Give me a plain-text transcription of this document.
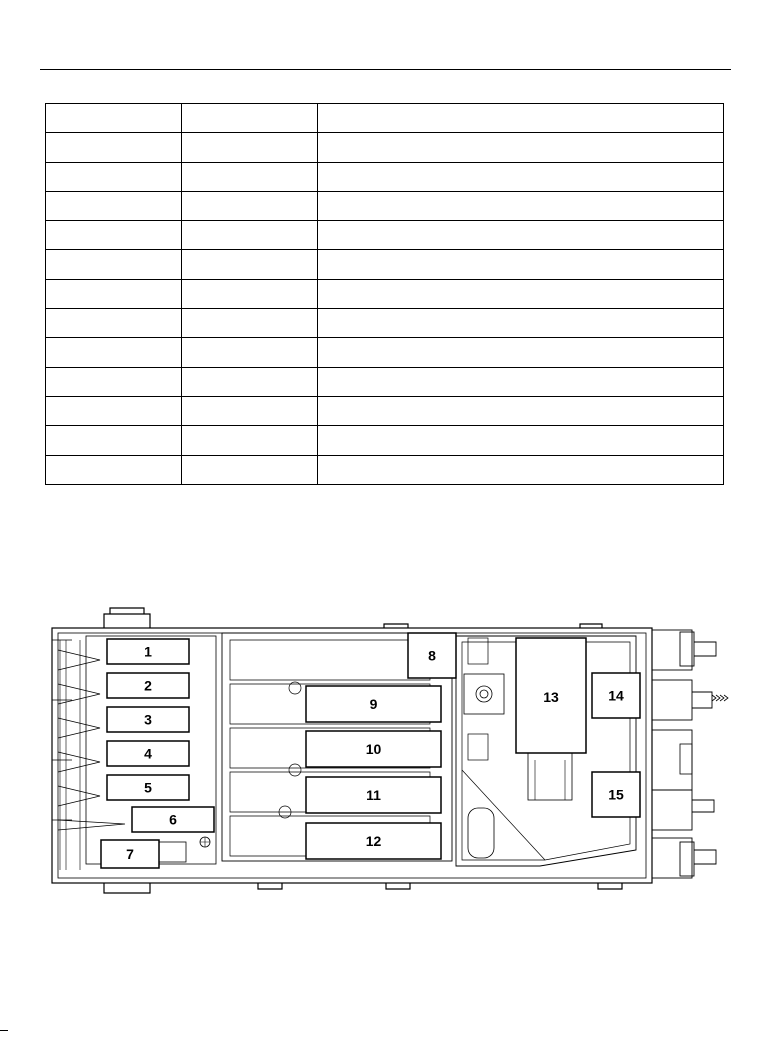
1
2
3
4
5
6
7
8
9
10
11
12
13	14
15
